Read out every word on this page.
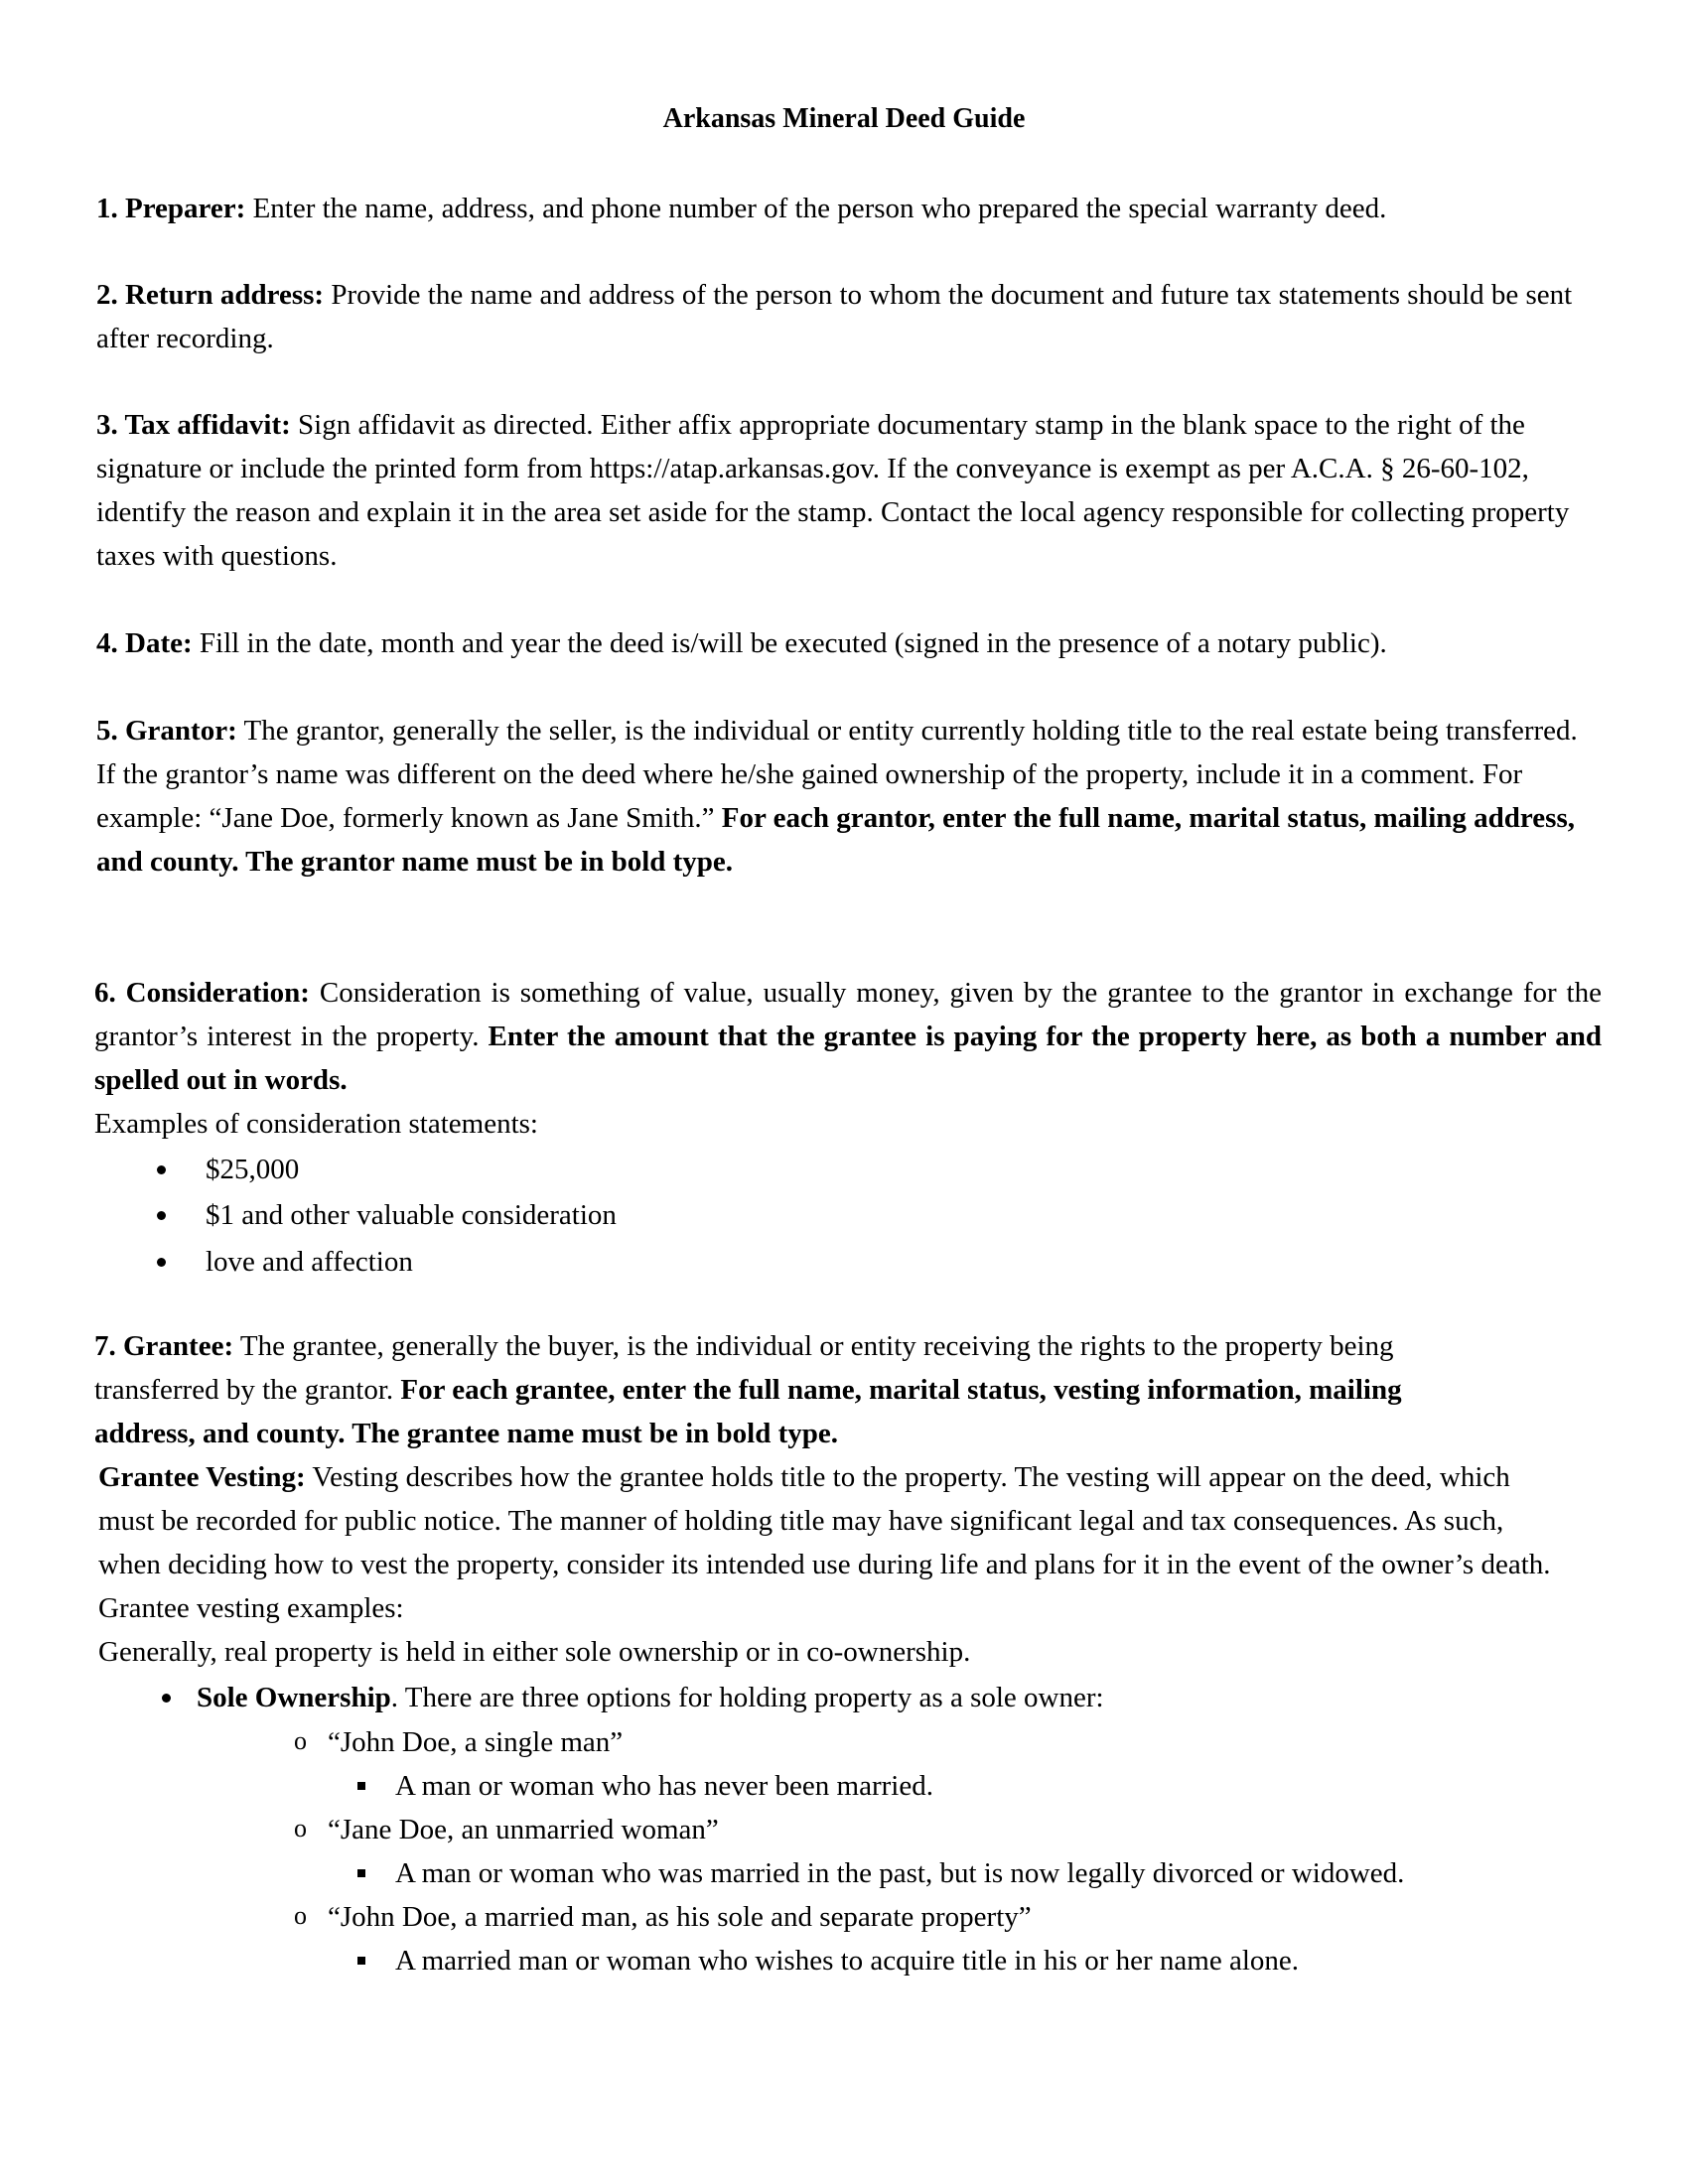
Arkansas Mineral Deed Guide
1. Preparer: Enter the name, address, and phone number of the person who prepared the special warranty deed.
2. Return address: Provide the name and address of the person to whom the document and future tax statements should be sent after recording.
3. Tax affidavit: Sign affidavit as directed. Either affix appropriate documentary stamp in the blank space to the right of the signature or include the printed form from https://atap.arkansas.gov. If the conveyance is exempt as per A.C.A. § 26-60-102, identify the reason and explain it in the area set aside for the stamp. Contact the local agency responsible for collecting property taxes with questions.
4. Date: Fill in the date, month and year the deed is/will be executed (signed in the presence of a notary public).
5. Grantor: The grantor, generally the seller, is the individual or entity currently holding title to the real estate being transferred. If the grantor’s name was different on the deed where he/she gained ownership of the property, include it in a comment. For example: “Jane Doe, formerly known as Jane Smith.” For each grantor, enter the full name, marital status, mailing address, and county. The grantor name must be in bold type.
6. Consideration: Consideration is something of value, usually money, given by the grantee to the grantor in exchange for the grantor’s interest in the property. Enter the amount that the grantee is paying for the property here, as both a number and spelled out in words.
Examples of consideration statements:
$25,000
$1 and other valuable consideration
love and affection
7. Grantee: The grantee, generally the buyer, is the individual or entity receiving the rights to the property being transferred by the grantor. For each grantee, enter the full name, marital status, vesting information, mailing address, and county. The grantee name must be in bold type.
Grantee Vesting: Vesting describes how the grantee holds title to the property. The vesting will appear on the deed, which must be recorded for public notice. The manner of holding title may have significant legal and tax consequences. As such, when deciding how to vest the property, consider its intended use during life and plans for it in the event of the owner’s death. Grantee vesting examples:
Generally, real property is held in either sole ownership or in co-ownership.
Sole Ownership. There are three options for holding property as a sole owner:
o “John Doe, a single man”
A man or woman who has never been married.
o “Jane Doe, an unmarried woman”
A man or woman who was married in the past, but is now legally divorced or widowed.
o “John Doe, a married man, as his sole and separate property”
A married man or woman who wishes to acquire title in his or her name alone.
